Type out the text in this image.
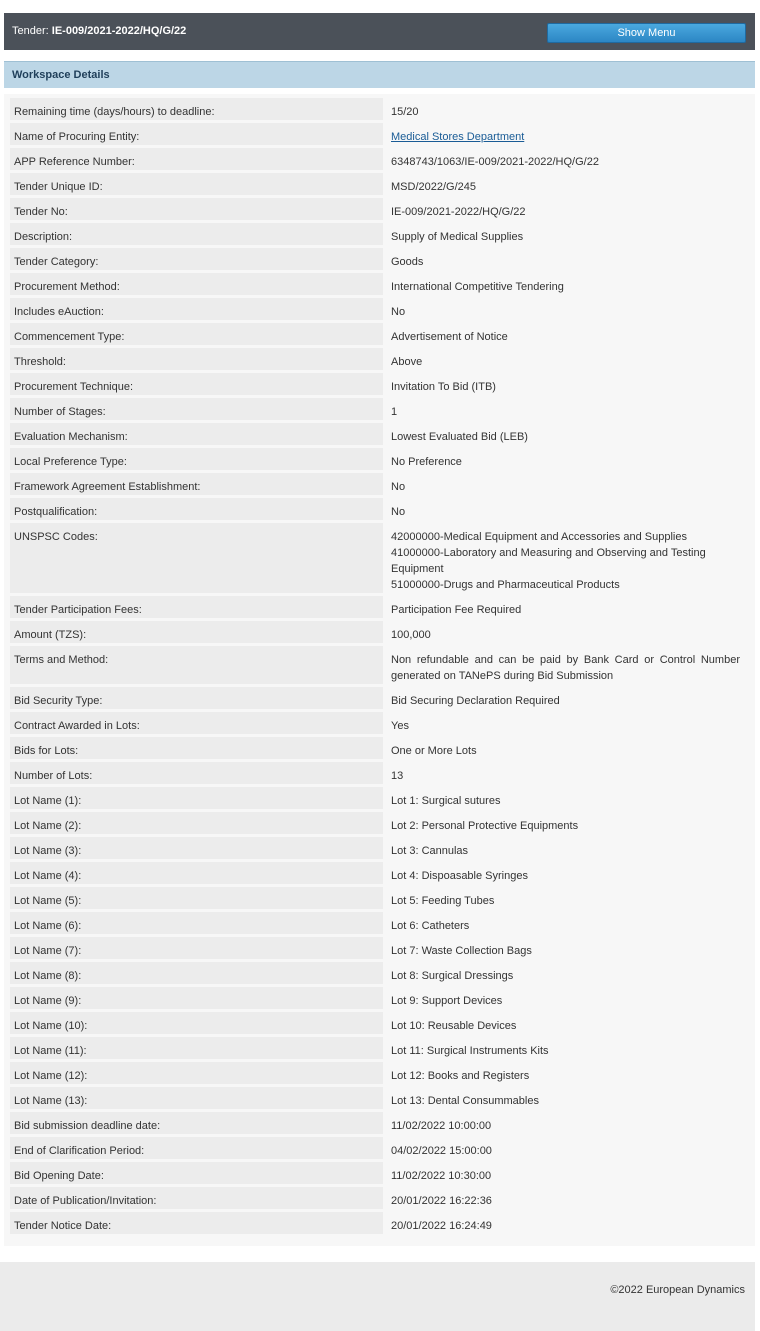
Tender: IE-009/2021-2022/HQ/G/22	Show Menu
Workspace Details
Remaining time (days/hours) to deadline:	15/20
Name of Procuring Entity:	Medical Stores Department
APP Reference Number:	6348743/1063/IE-009/2021-2022/HQ/G/22
Tender Unique ID:	MSD/2022/G/245
Tender No:	IE-009/2021-2022/HQ/G/22
Description:	Supply of Medical Supplies
Tender Category:	Goods
Procurement Method:	International Competitive Tendering
Includes eAuction:	No
Commencement Type:	Advertisement of Notice
Threshold:	Above
Procurement Technique:	Invitation To Bid (ITB)
Number of Stages:	1
Evaluation Mechanism:	Lowest Evaluated Bid (LEB)
Local Preference Type:	No Preference
Framework Agreement Establishment:	No
Postqualification:	No
UNSPSC Codes:	42000000-Medical Equipment and Accessories and Supplies
41000000-Laboratory and Measuring and Observing and Testing Equipment
51000000-Drugs and Pharmaceutical Products
Tender Participation Fees:	Participation Fee Required
Amount (TZS):	100,000
Terms and Method:	Non refundable and can be paid by Bank Card or Control Number generated on TANePS during Bid Submission
Bid Security Type:	Bid Securing Declaration Required
Contract Awarded in Lots:	Yes
Bids for Lots:	One or More Lots
Number of Lots:	13
Lot Name (1):	Lot 1: Surgical sutures
Lot Name (2):	Lot 2: Personal Protective Equipments
Lot Name (3):	Lot 3: Cannulas
Lot Name (4):	Lot 4: Dispoasable Syringes
Lot Name (5):	Lot 5: Feeding Tubes
Lot Name (6):	Lot 6: Catheters
Lot Name (7):	Lot 7: Waste Collection Bags
Lot Name (8):	Lot 8: Surgical Dressings
Lot Name (9):	Lot 9: Support Devices
Lot Name (10):	Lot 10: Reusable Devices
Lot Name (11):	Lot 11: Surgical Instruments Kits
Lot Name (12):	Lot 12: Books and Registers
Lot Name (13):	Lot 13: Dental Consummables
Bid submission deadline date:	11/02/2022 10:00:00
End of Clarification Period:	04/02/2022 15:00:00
Bid Opening Date:	11/02/2022 10:30:00
Date of Publication/Invitation:	20/01/2022 16:22:36
Tender Notice Date:	20/01/2022 16:24:49
©2022 European Dynamics
